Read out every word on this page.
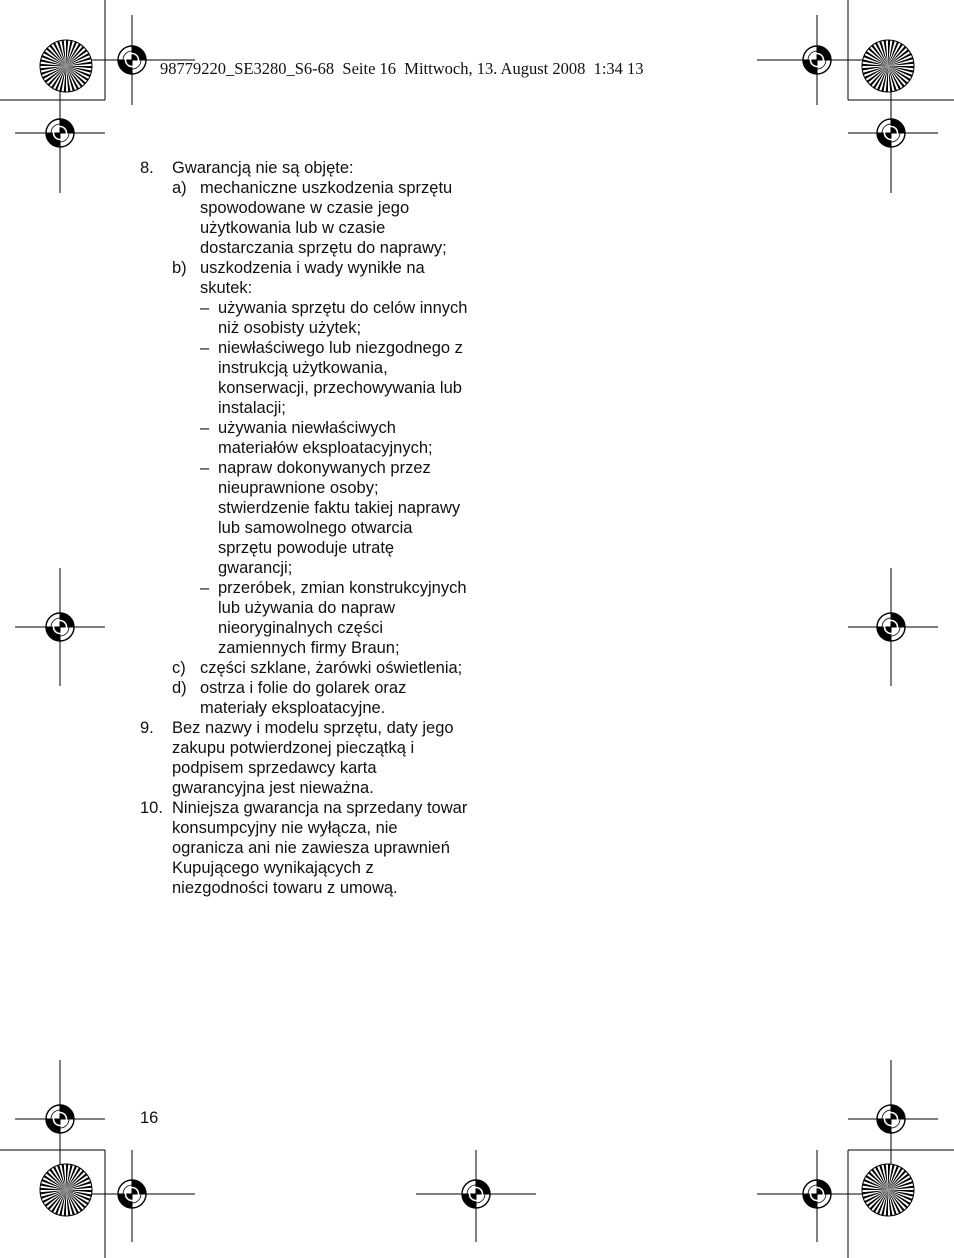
98779220_SE3280_S6-68  Seite 16  Mittwoch, 13. August 2008  1:34 13
8. Gwarancją nie są objęte:
a) mechaniczne uszkodzenia sprzętu spowodowane w czasie jego użytkowania lub w czasie dostarczania sprzętu do naprawy;
b) uszkodzenia i wady wynikłe na skutek:
– używania sprzętu do celów innych niż osobisty użytek;
– niewłaściwego lub niezgodnego z instrukcją użytkowania, konserwacji, przechowywania lub instalacji;
– używania niewłaściwych materiałów eksploatacyjnych;
– napraw dokonywanych przez nieuprawnione osoby; stwierdzenie faktu takiej naprawy lub samowolnego otwarcia sprzętu powoduje utratę gwarancji;
– przeróbek, zmian konstrukcyjnych lub używania do napraw nieoryginalnych części zamiennych firmy Braun;
c) części szklane, żarówki oświetlenia;
d) ostrza i folie do golarek oraz materiały eksploatacyjne.
9. Bez nazwy i modelu sprzętu, daty jego zakupu potwierdzonej pieczątką i podpisem sprzedawcy karta gwarancyjna jest nieważna.
10. Niniejsza gwarancja na sprzedany towar konsumpcyjny nie wyłącza, nie ogranicza ani nie zawiesza uprawnień Kupującego wynikających z niezgodności towaru z umową.
16
